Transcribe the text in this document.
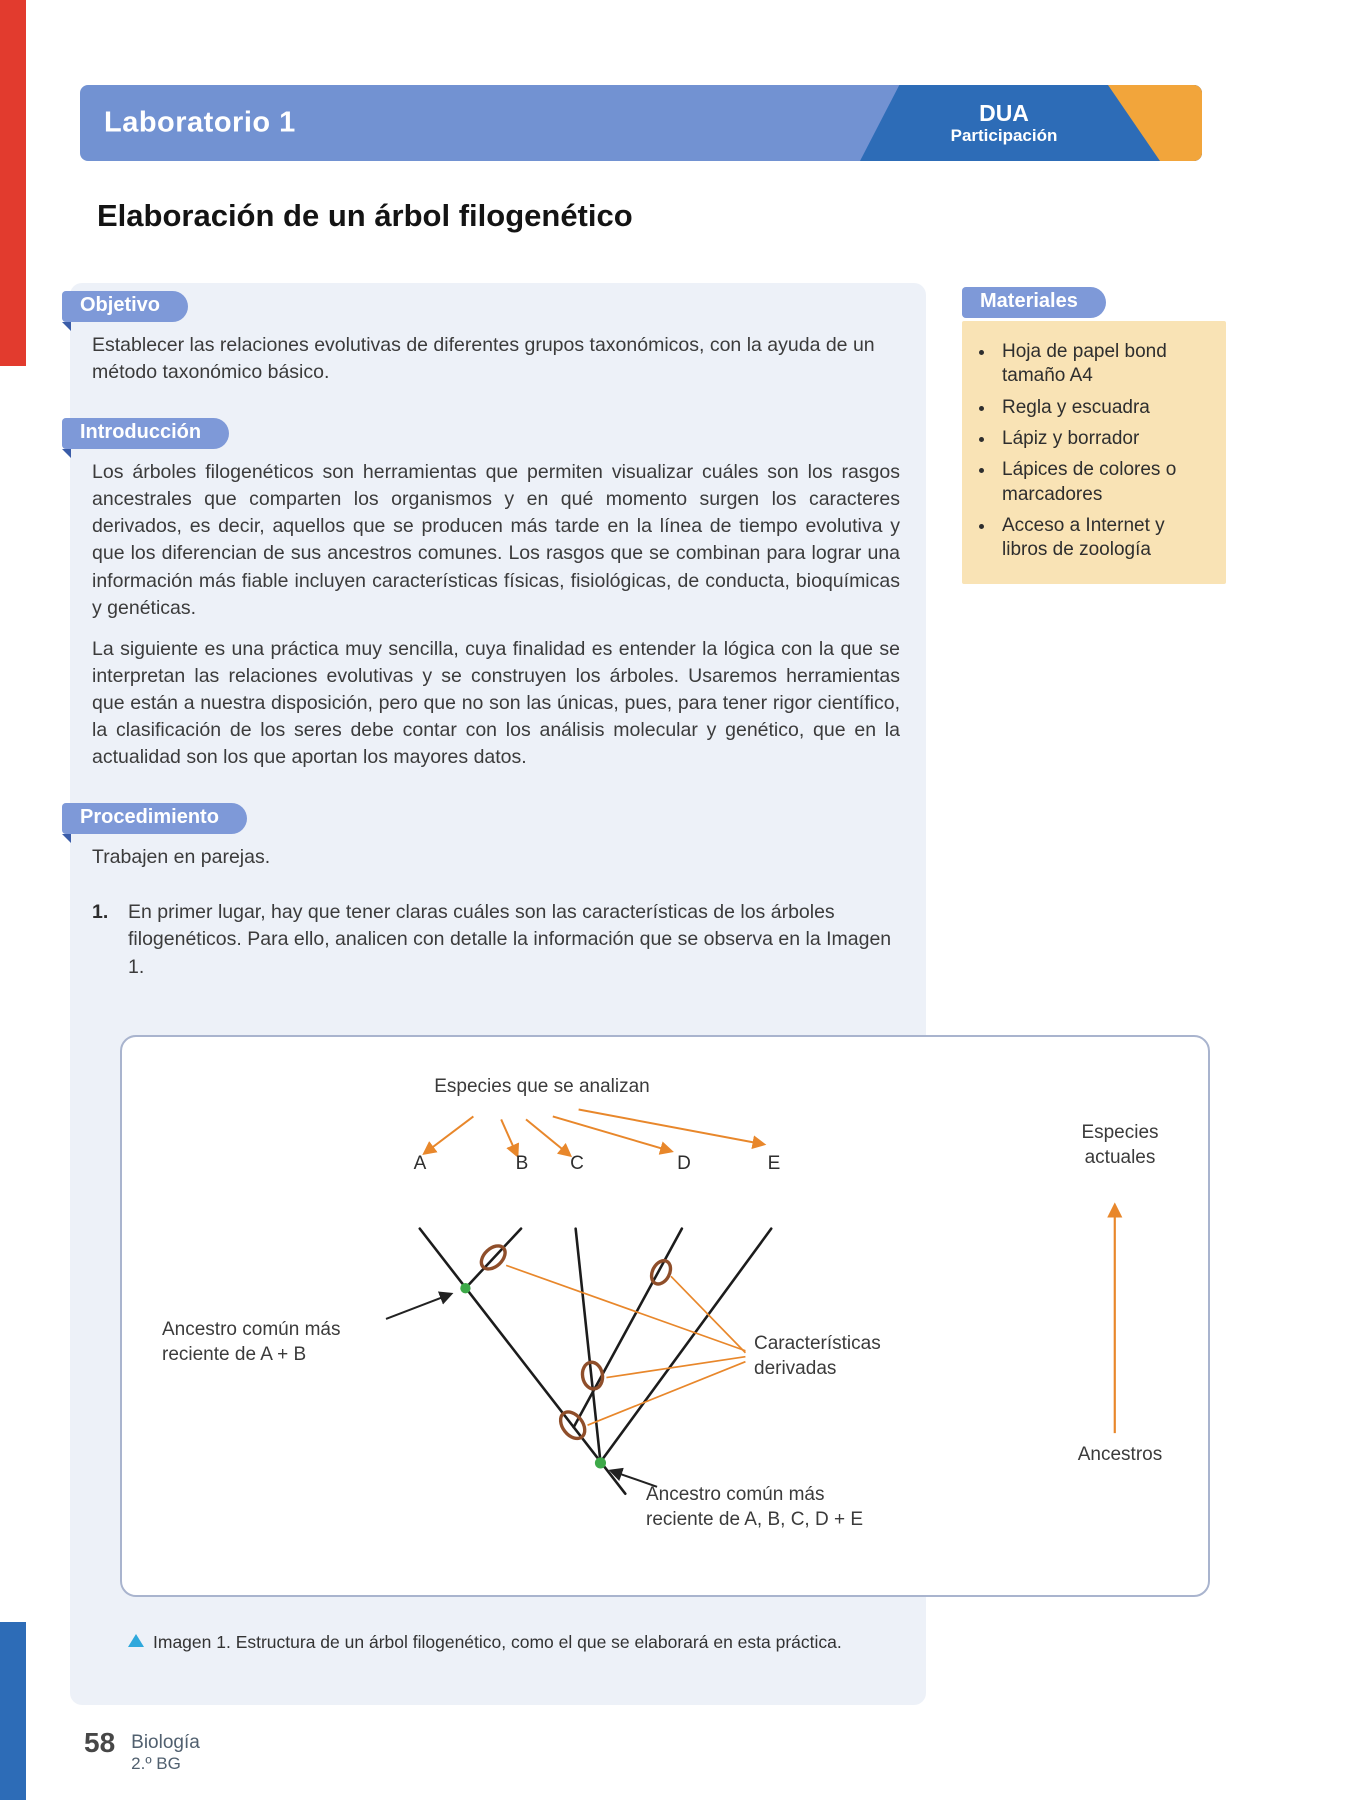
Laboratorio 1	DUA
Participación
Elaboración de un árbol filogenético
Objetivo

Establecer las relaciones evolutivas de diferentes grupos taxonómicos, con la ayuda de un método taxonómico básico.

Introducción

Los árboles filogenéticos son herramientas que permiten visualizar cuáles son los rasgos ancestrales que comparten los organismos y en qué momento surgen los caracteres derivados, es decir, aquellos que se producen más tarde en la línea de tiempo evolutiva y que los diferencian de sus ancestros comunes. Los rasgos que se combinan para lograr una información más fiable incluyen características físicas, fisiológicas, de conducta, bioquímicas y genéticas.

La siguiente es una práctica muy sencilla, cuya finalidad es entender la lógica con la que se interpretan las relaciones evolutivas y se construyen los árboles. Usaremos herramientas que están a nuestra disposición, pero que no son las únicas, pues, para tener rigor científico, la clasificación de los seres debe contar con los análisis molecular y genético, que en la actualidad son los que aportan los mayores datos.

Procedimiento

Trabajen en parejas.

1.	En primer lugar, hay que tener claras cuáles son las características de los árboles filogenéticos. Para ello, analicen con detalle la información que se observa en la Imagen 1.
Materiales
• Hoja de papel bond tamaño A4
• Regla y escuadra
• Lápiz y borrador
• Lápices de colores o marcadores
• Acceso a Internet y libros de zoología
Especies que se analizan
A	B C	D	E
Ancestro común más reciente de A + B
Características derivadas
Especies actuales
Ancestros
Ancestro común más reciente de A, B, C, D + E
Imagen 1. Estructura de un árbol filogenético, como el que se elaborará en esta práctica.
58 Biología
2.º BG
